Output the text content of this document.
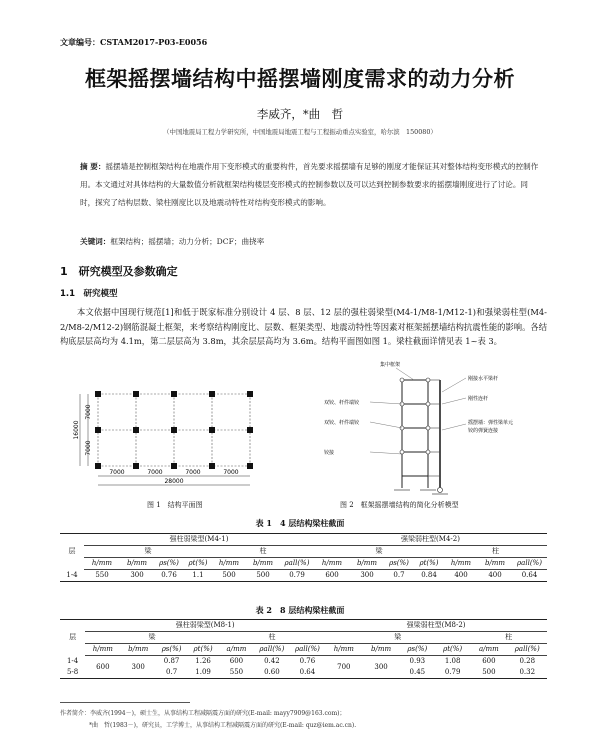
文章编号：CSTAM2017-P03-E0056
框架摇摆墙结构中摇摆墙刚度需求的动力分析
李威齐，*曲　哲
（中国地震局工程力学研究所，中国地震局地震工程与工程振动重点实验室，哈尔滨　150080）
摘 要：摇摆墙是控制框架结构在地震作用下变形模式的重要构件，首先要求摇摆墙有足够的刚度才能保证其对整体结构变形模式的控制作用。本文通过对具体结构的大量数值分析就框架结构楼层变形模式的控制参数以及可以达到控制参数要求的摇摆墙刚度进行了讨论。同时，探究了结构层数、梁柱刚度比以及地震动特性对结构变形模式的影响。
关键词：框架结构；摇摆墙；动力分析；DCF；曲挠率
1　研究模型及参数确定
1.1　研究模型
本文依据中国现行规范[1]和低于既家标准分别设计 4 层、8 层、12 层的强柱弱梁型(M4-1/M8-1/M12-1)和强梁弱柱型(M4-2/M8-2/M12-2)钢筋混凝土框架，来考察结构刚度比、层数、框架类型、地震动特性等因素对框架摇摆墙结构抗震性能的影响。各结构底层层高均为 4.1m，第二层层高为 3.8m，其余层层高均为 3.6m。结构平面图如图 1。梁柱截面详情见表 1~表 3。
7000
7000
16000
7000	7000	7000	7000
28000
图 1　结构平面图
集中框架
刚接水平梁杆
刚性连杆
双铰、杆件端铰
双铰、杆件端铰	摇摆墙：弹性梁单元
铰的弹簧连接
铰接
图 2　框架摇摆墙结构的简化分析模型
表 1　4 层结构梁柱截面
层	强柱弱梁型(M4-1)							强梁弱柱型(M4-2)						
	梁				柱			梁				柱		
	h/mm	b/mm	ρs(%)	ρt(%)	h/mm	b/mm	ρall(%)	h/mm	b/mm	ρs(%)	ρt(%)	h/mm	b/mm	ρall(%)
1-4	550	300	0.76	1.1	500	500	0.79	600	300	0.7	0.84	400	400	0.64
表 2　8 层结构梁柱截面
层	强柱弱梁型(M8-1)							强梁弱柱型(M8-2)					
	梁				柱			梁				柱	
	h/mm	b/mm	ρs(%)	ρt(%)	a/mm	ρall(%)	ρall(%)	h/mm	b/mm	ρs(%)	ρt(%)	a/mm	ρall(%)
1-4	600	300	0.87	1.26	600	0.42	0.76	700	300	0.93	1.08	600	0.28
5-8			0.7	1.09	550	0.60	0.64			0.45	0.79	500	0.32
作者简介：李威齐(1994－)，硕士生，从事结构工程减隔震方面的研究(E-mail: mayy7909@163.com)；
*曲　哲(1983－)，研究员，工学博士，从事结构工程减隔震方面的研究(E-mail: quz@iem.ac.cn).
